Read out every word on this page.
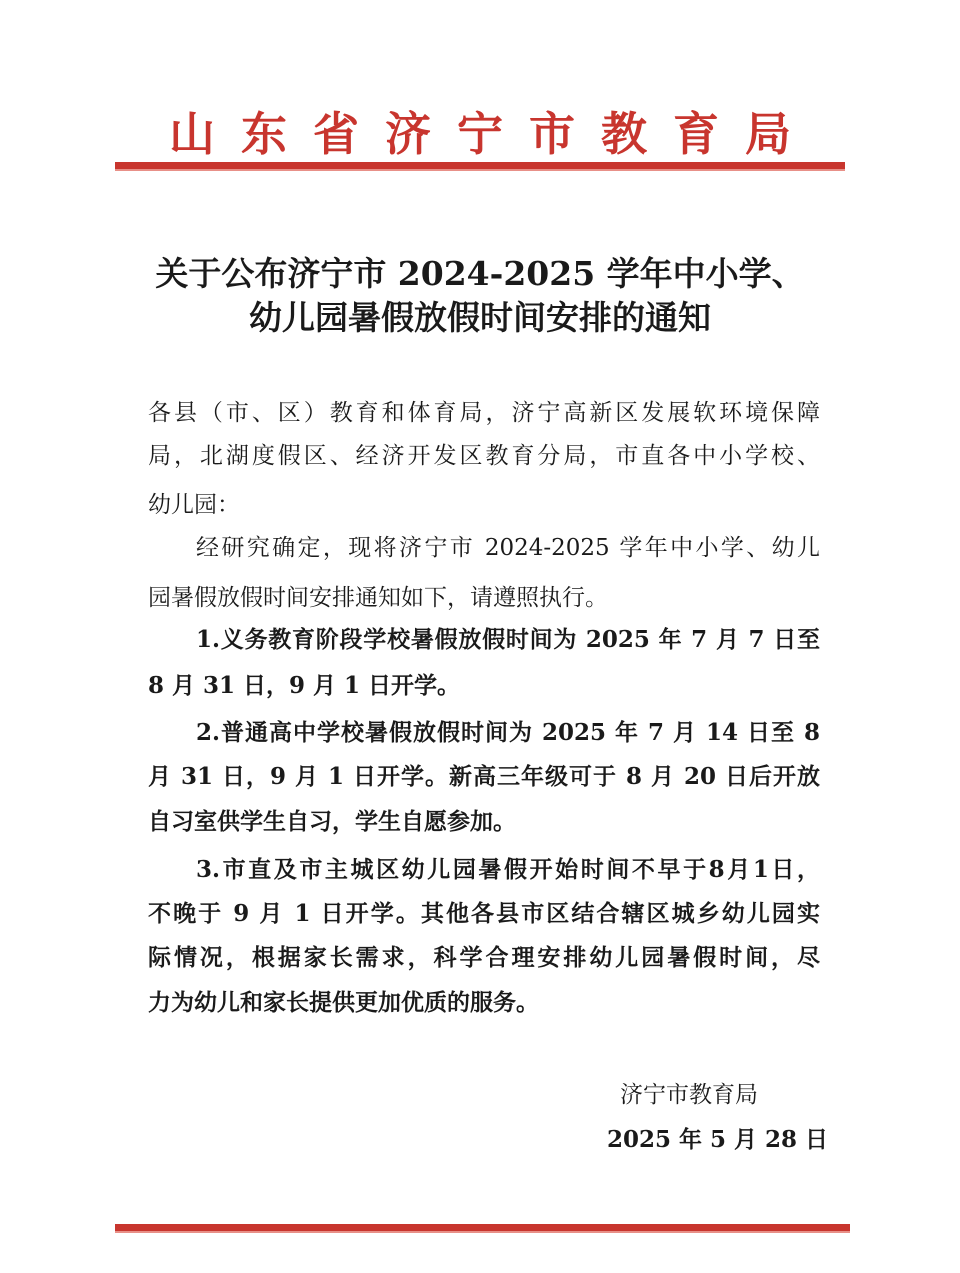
山东省济宁市教育局
关于公布济宁市 2024-2025 学年中小学、
幼儿园暑假放假时间安排的通知
各县（市、区）教育和体育局，济宁高新区发展软环境保障
局，北湖度假区、经济开发区教育分局，市直各中小学校、
幼儿园：
经研究确定，现将济宁市 2024-2025 学年中小学、幼儿
园暑假放假时间安排通知如下，请遵照执行。
1.义务教育阶段学校暑假放假时间为 2025 年 7 月 7 日至
8 月 31 日，9 月 1 日开学。
2.普通高中学校暑假放假时间为 2025 年 7 月 14 日至 8
月 31 日，9 月 1 日开学。新高三年级可于 8 月 20 日后开放
自习室供学生自习，学生自愿参加。
3.市直及市主城区幼儿园暑假开始时间不早于8月1日，
不晚于 9 月 1 日开学。其他各县市区结合辖区城乡幼儿园实
际情况，根据家长需求，科学合理安排幼儿园暑假时间，尽
力为幼儿和家长提供更加优质的服务。
济宁市教育局
2025 年 5 月 28 日
